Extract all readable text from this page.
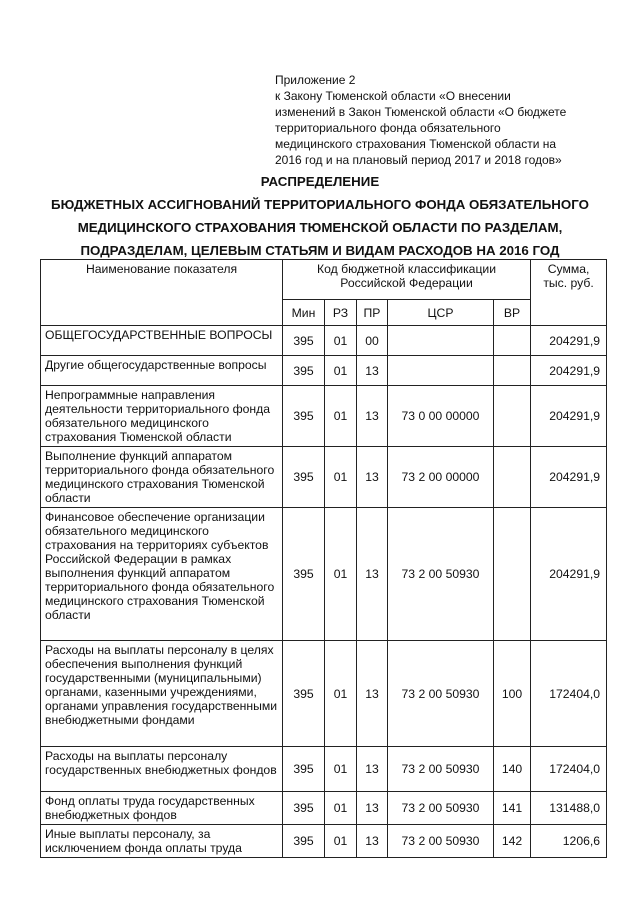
Приложение 2
к Закону Тюменской области «О внесении
изменений в Закон Тюменской области «О бюджете
территориального фонда обязательного
медицинского страхования Тюменской области на
2016 год и на плановый период 2017 и 2018 годов»
РАСПРЕДЕЛЕНИЕ
БЮДЖЕТНЫХ АССИГНОВАНИЙ ТЕРРИТОРИАЛЬНОГО ФОНДА ОБЯЗАТЕЛЬНОГО
МЕДИЦИНСКОГО СТРАХОВАНИЯ ТЮМЕНСКОЙ ОБЛАСТИ ПО РАЗДЕЛАМ,
ПОДРАЗДЕЛАМ, ЦЕЛЕВЫМ СТАТЬЯМ И ВИДАМ РАСХОДОВ НА 2016 ГОД
Наименование показателя	Код бюджетной классификации Российской Федерации					Сумма, тыс. руб.
	Мин	РЗ	ПР	ЦСР	ВР	
ОБЩЕГОСУДАРСТВЕННЫЕ ВОПРОСЫ	395	01	00			204291,9
Другие общегосударственные вопросы	395	01	13			204291,9
Непрограммные направления деятельности территориального фонда обязательного медицинского страхования Тюменской области	395	01	13	73 0 00 00000		204291,9
Выполнение функций аппаратом территориального фонда обязательного медицинского страхования Тюменской области	395	01	13	73 2 00 00000		204291,9
Финансовое обеспечение организации обязательного медицинского страхования на территориях субъектов Российской Федерации в рамках выполнения функций аппаратом территориального фонда обязательного медицинского страхования Тюменской области	395	01	13	73 2 00 50930		204291,9
Расходы на выплаты персоналу в целях обеспечения выполнения функций государственными (муниципальными) органами, казенными учреждениями, органами управления государственными внебюджетными фондами	395	01	13	73 2 00 50930	100	172404,0
Расходы на выплаты персоналу государственных внебюджетных фондов	395	01	13	73 2 00 50930	140	172404,0
Фонд оплаты труда государственных внебюджетных фондов	395	01	13	73 2 00 50930	141	131488,0
Иные выплаты персоналу, за исключением фонда оплаты труда	395	01	13	73 2 00 50930	142	1206,6
